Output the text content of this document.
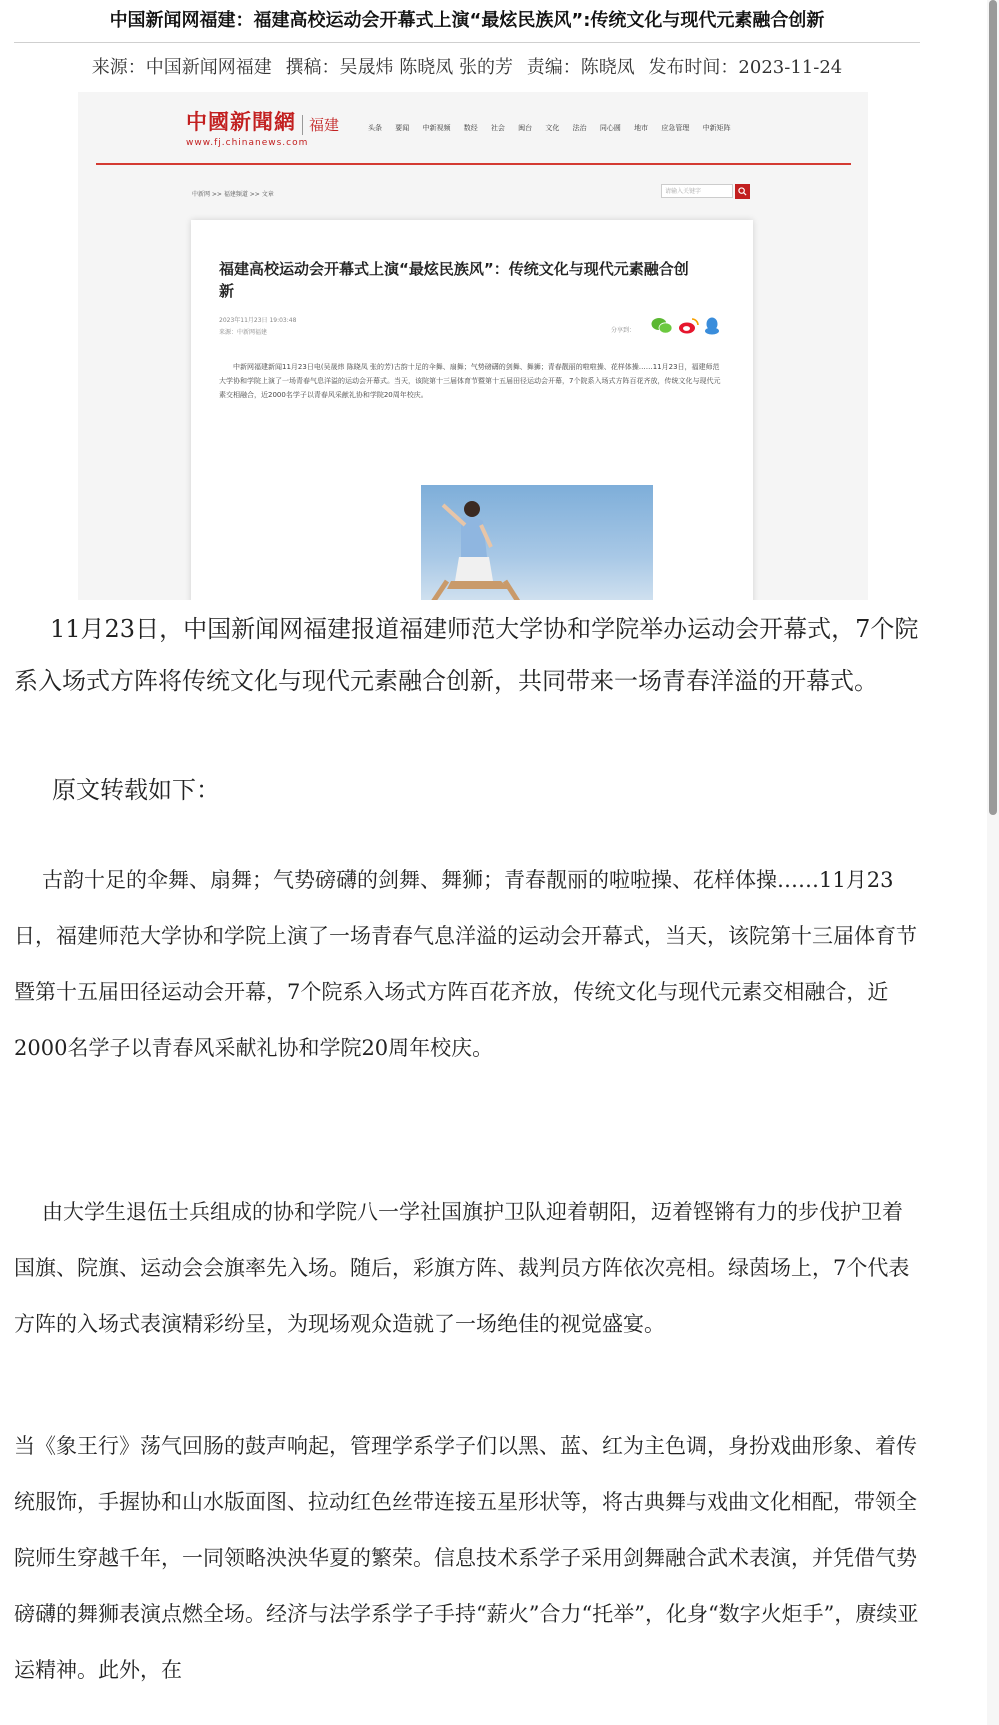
中国新闻网福建：福建高校运动会开幕式上演“最炫民族风”:传统文化与现代元素融合创新
来源：中国新闻网福建 撰稿：吴晟炜 陈晓凤 张的芳 责编：陈晓凤 发布时间：2023-11-24
中國新聞網 福建
www.fj.chinanews.com
头条 要闻 中新视频 数经 社会 闽台 文化 法治 同心圆 地市 应急管理 中新矩阵
中新网 >> 福建频道 >> 文章	请输入关键字
福建高校运动会开幕式上演“最炫民族风”：传统文化与现代元素融合创新
2023年11月23日 19:03:48
来源：中新网福建	分享到：
中新网福建新闻11月23日电(吴晟炜 陈晓凤 张的芳)古韵十足的伞舞、扇舞；气势磅礴的剑舞、舞狮；青春靓丽的啦啦操、花样体操……11月23日，福建师范大学协和学院上演了一场青春气息洋溢的运动会开幕式。当天，该院第十三届体育节暨第十五届田径运动会开幕，7个院系入场式方阵百花齐放，传统文化与现代元素交相融合，近2000名学子以青春风采献礼协和学院20周年校庆。
11月23日，中国新闻网福建报道福建师范大学协和学院举办运动会开幕式，7个院系入场式方阵将传统文化与现代元素融合创新，共同带来一场青春洋溢的开幕式。
原文转载如下：
古韵十足的伞舞、扇舞；气势磅礴的剑舞、舞狮；青春靓丽的啦啦操、花样体操……11月23日，福建师范大学协和学院上演了一场青春气息洋溢的运动会开幕式，当天，该院第十三届体育节暨第十五届田径运动会开幕，7个院系入场式方阵百花齐放，传统文化与现代元素交相融合，近2000名学子以青春风采献礼协和学院20周年校庆。
由大学生退伍士兵组成的协和学院八一学社国旗护卫队迎着朝阳，迈着铿锵有力的步伐护卫着国旗、院旗、运动会会旗率先入场。随后，彩旗方阵、裁判员方阵依次亮相。绿茵场上，7个代表方阵的入场式表演精彩纷呈，为现场观众造就了一场绝佳的视觉盛宴。
当《象王行》荡气回肠的鼓声响起，管理学系学子们以黑、蓝、红为主色调，身扮戏曲形象、着传统服饰，手握协和山水版面图、拉动红色丝带连接五星形状等，将古典舞与戏曲文化相配，带领全院师生穿越千年，一同领略泱泱华夏的繁荣。信息技术系学子采用剑舞融合武术表演，并凭借气势磅礴的舞狮表演点燃全场。经济与法学系学子手持“薪火”合力“托举”，化身“数字火炬手”，赓续亚运精神。此外，在
